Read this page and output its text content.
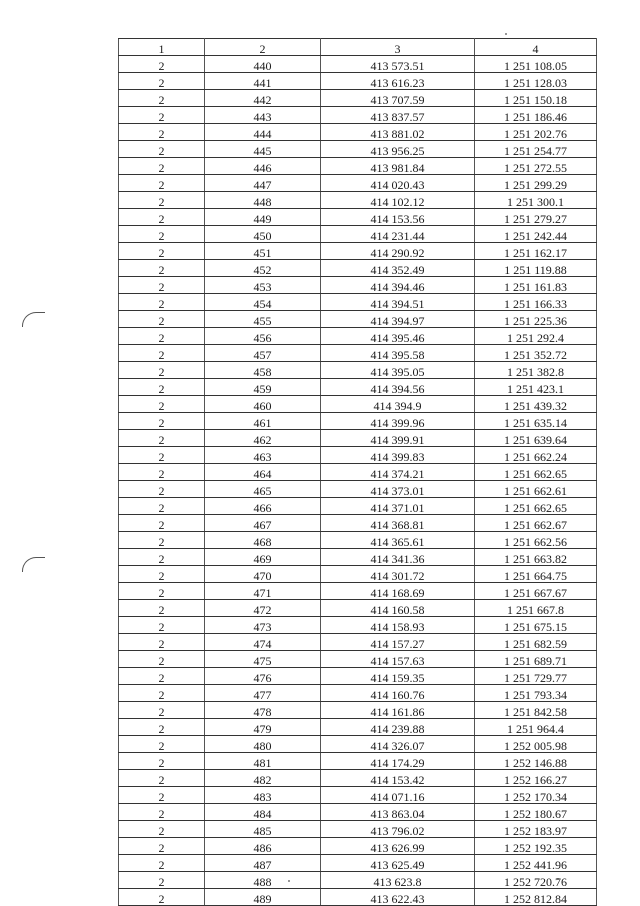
1	2	3	4
2	440	413 573.51	1 251 108.05
2	441	413 616.23	1 251 128.03
2	442	413 707.59	1 251 150.18
2	443	413 837.57	1 251 186.46
2	444	413 881.02	1 251 202.76
2	445	413 956.25	1 251 254.77
2	446	413 981.84	1 251 272.55
2	447	414 020.43	1 251 299.29
2	448	414 102.12	1 251 300.1
2	449	414 153.56	1 251 279.27
2	450	414 231.44	1 251 242.44
2	451	414 290.92	1 251 162.17
2	452	414 352.49	1 251 119.88
2	453	414 394.46	1 251 161.83
2	454	414 394.51	1 251 166.33
2	455	414 394.97	1 251 225.36
2	456	414 395.46	1 251 292.4
2	457	414 395.58	1 251 352.72
2	458	414 395.05	1 251 382.8
2	459	414 394.56	1 251 423.1
2	460	414 394.9	1 251 439.32
2	461	414 399.96	1 251 635.14
2	462	414 399.91	1 251 639.64
2	463	414 399.83	1 251 662.24
2	464	414 374.21	1 251 662.65
2	465	414 373.01	1 251 662.61
2	466	414 371.01	1 251 662.65
2	467	414 368.81	1 251 662.67
2	468	414 365.61	1 251 662.56
2	469	414 341.36	1 251 663.82
2	470	414 301.72	1 251 664.75
2	471	414 168.69	1 251 667.67
2	472	414 160.58	1 251 667.8
2	473	414 158.93	1 251 675.15
2	474	414 157.27	1 251 682.59
2	475	414 157.63	1 251 689.71
2	476	414 159.35	1 251 729.77
2	477	414 160.76	1 251 793.34
2	478	414 161.86	1 251 842.58
2	479	414 239.88	1 251 964.4
2	480	414 326.07	1 252 005.98
2	481	414 174.29	1 252 146.88
2	482	414 153.42	1 252 166.27
2	483	414 071.16	1 252 170.34
2	484	413 863.04	1 252 180.67
2	485	413 796.02	1 252 183.97
2	486	413 626.99	1 252 192.35
2	487	413 625.49	1 252 441.96
2	488	413 623.8	1 252 720.76
2	489	413 622.43	1 252 812.84
